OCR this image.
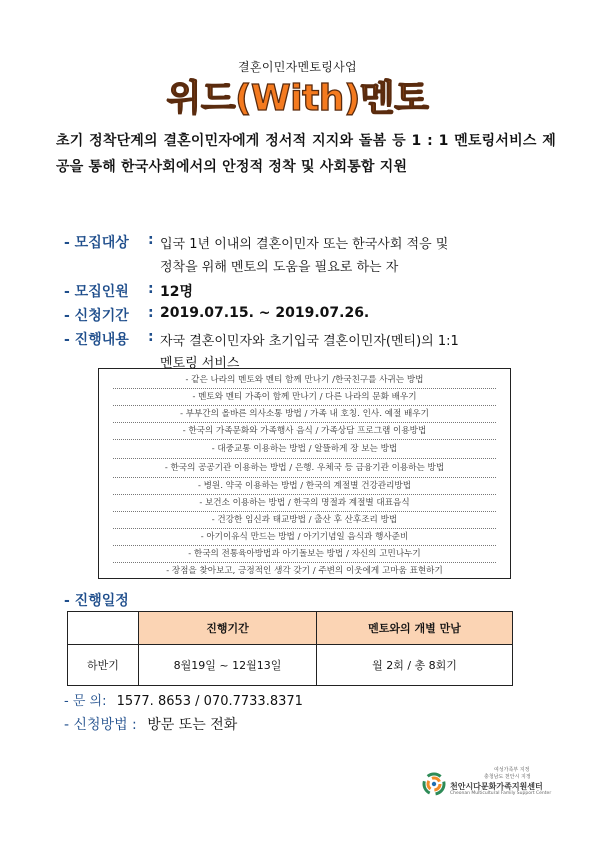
결혼이민자멘토링사업
위드(With)멘토
초기 정착단계의 결혼이민자에게 정서적 지지와 돌봄 등 1 : 1 멘토링서비스 제공을 통해 한국사회에서의 안정적 정착 및 사회통합 지원
- 모집대상 : 입국 1년 이내의 결혼이민자 또는 한국사회 적응 및
정착을 위해 멘토의 도움을 필요로 하는 자
- 모집인원 : 12명
- 신청기간 : 2019.07.15. ~ 2019.07.26.
- 진행내용 : 자국 결혼이민자와 초기입국 결혼이민자(멘티)의 1:1
멘토링 서비스
- 같은 나라의 멘토와 멘티 함께 만나기 /한국친구를 사귀는 방법
- 멘토와 멘티 가족이 함께 만나기 / 다른 나라의 문화 배우기
- 부부간의 올바른 의사소통 방법 / 가족 내 호칭. 인사. 예절 배우기
- 한국의 가족문화와 가족행사 음식 / 가족상담 프로그램 이용방법
- 대중교통 이용하는 방법 / 알뜰하게 장 보는 방법
- 한국의 공공기관 이용하는 방법 / 은행. 우체국 등 금융기관 이용하는 방법
- 병원. 약국 이용하는 방법 / 한국의 계절별 건강관리방법
- 보건소 이용하는 방법 / 한국의 명절과 계절별 대표음식
- 건강한 임신과 태교방법 / 출산 후 산후조리 방법
- 아기이유식 만드는 방법 / 아기기념일 음식과 행사준비
- 한국의 전통육아방법과 아기돌보는 방법 / 자신의 고민나누기
- 장점을 찾아보고, 긍정적인 생각 갖기 / 주변의 이웃에게 고마움 표현하기
- 진행일정
	진행기간	멘토와의 개별 만남
하반기	8월19일 ~ 12월13일	월 2회 / 총 8회기
- 문 의: 1577. 8653 / 070.7733.8371
- 신청방법 : 방문 또는 전화
여성가족부 지정
충청남도 천안시 지정
천안시다문화가족지원센터
Cheonan Multicultural Family Support Center
